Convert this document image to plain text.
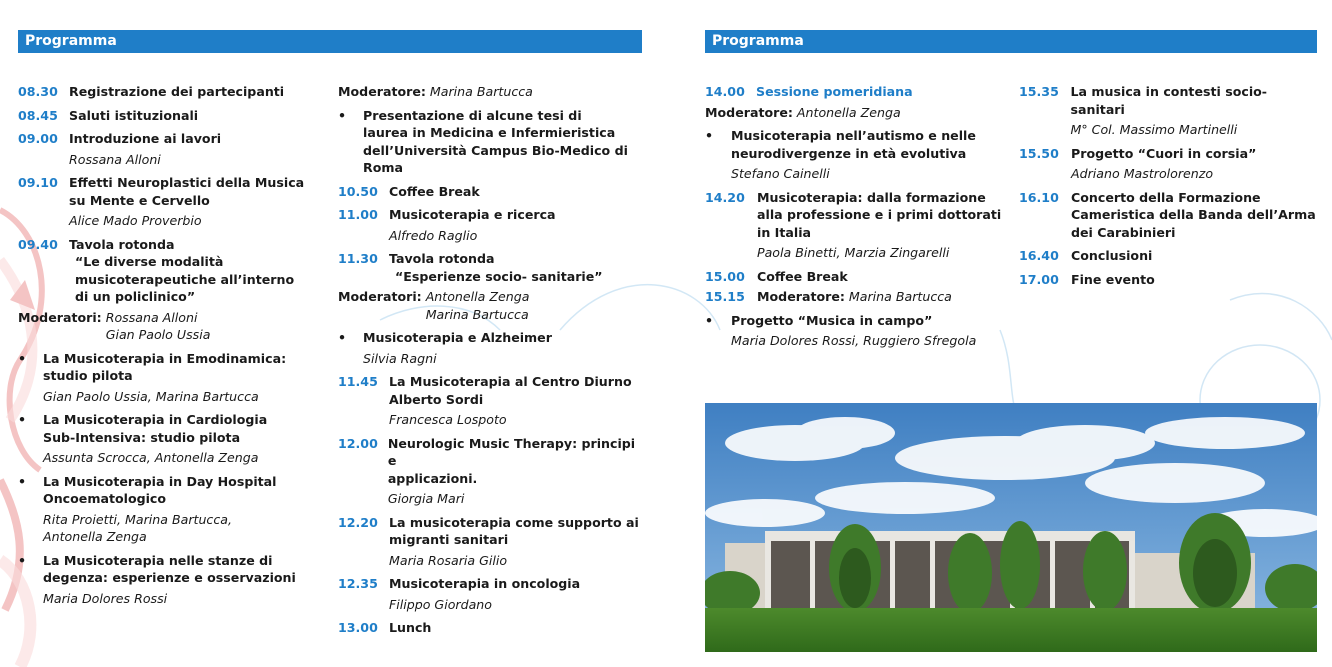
Programma
08.30 Registrazione dei partecipanti
08.45 Saluti istituzionali
09.00 Introduzione ai lavori
Rossana Alloni
09.10 Effetti Neuroplastici della Musica
su Mente e Cervello
Alice Mado Proverbio
09.40 Tavola rotonda
“Le diverse modalità
musicoterapeutiche all’interno
di un policlinico”
Moderatori: Rossana Alloni
Gian Paolo Ussia
• La Musicoterapia in Emodinamica:
studio pilota
Gian Paolo Ussia, Marina Bartucca
• La Musicoterapia in Cardiologia
Sub-Intensiva: studio pilota
Assunta Scrocca, Antonella Zenga
• La Musicoterapia in Day Hospital
Oncoematologico
Rita Proietti, Marina Bartucca,
Antonella Zenga
• La Musicoterapia nelle stanze di
degenza: esperienze e osservazioni
Maria Dolores Rossi
Moderatore: Marina Bartucca
• Presentazione di alcune tesi di
laurea in Medicina e Infermieristica
dell’Università Campus Bio-Medico di
Roma
10.50 Coffee Break
11.00 Musicoterapia e ricerca
Alfredo Raglio
11.30 Tavola rotonda
“Esperienze socio- sanitarie”
Moderatori: Antonella Zenga
Marina Bartucca
• Musicoterapia e Alzheimer
Silvia Ragni
11.45 La Musicoterapia al Centro Diurno
Alberto Sordi
Francesca Lospoto
12.00 Neurologic Music Therapy: principi e
applicazioni.
Giorgia Mari
12.20 La musicoterapia come supporto ai
migranti sanitari
Maria Rosaria Gilio
12.35 Musicoterapia in oncologia
Filippo Giordano
13.00 Lunch
Programma
14.00 Sessione pomeridiana
Moderatore: Antonella Zenga
• Musicoterapia nell’autismo e nelle
neurodivergenze in età evolutiva
Stefano Cainelli
14.20 Musicoterapia: dalla formazione
alla professione e i primi dottorati
in Italia
Paola Binetti, Marzia Zingarelli
15.00 Coffee Break
15.15 Moderatore: Marina Bartucca
• Progetto “Musica in campo”
Maria Dolores Rossi, Ruggiero Sfregola
15.35 La musica in contesti socio-sanitari
M° Col. Massimo Martinelli
15.50 Progetto “Cuori in corsia”
Adriano Mastrolorenzo
16.10 Concerto della Formazione
Cameristica della Banda dell’Arma
dei Carabinieri
16.40 Conclusioni
17.00 Fine evento
